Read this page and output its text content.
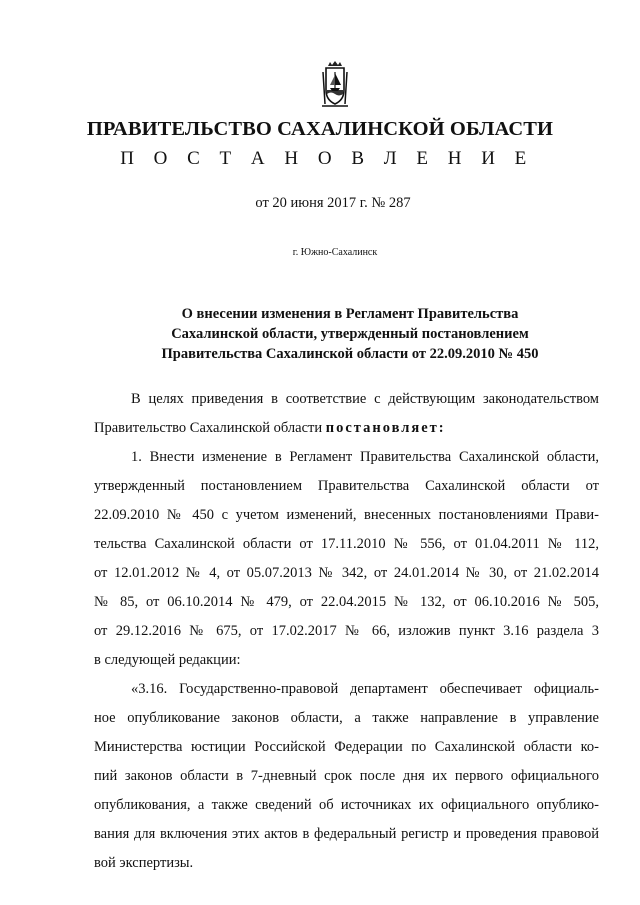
ПРАВИТЕЛЬСТВО САХАЛИНСКОЙ ОБЛАСТИ
П О С Т А Н О В Л Е Н И Е
от 20 июня 2017 г. № 287
г. Южно-Сахалинск
О внесении изменения в Регламент Правительства
Сахалинской области, утвержденный постановлением
Правительства Сахалинской области от 22.09.2010 № 450
В целях приведения в соответствие с действующим законодательством
Правительство Сахалинской области постановляет:
1. Внести изменение в Регламент Правительства Сахалинской области,
утвержденный постановлением Правительства Сахалинской области от
22.09.2010 № 450 с учетом изменений, внесенных постановлениями Прави-
тельства Сахалинской области от 17.11.2010 № 556, от 01.04.2011 № 112,
от 12.01.2012 № 4, от 05.07.2013 № 342, от 24.01.2014 № 30, от 21.02.2014
№ 85, от 06.10.2014 № 479, от 22.04.2015 № 132, от 06.10.2016 № 505,
от 29.12.2016 № 675, от 17.02.2017 № 66, изложив пункт 3.16 раздела 3
в следующей редакции:
«3.16. Государственно-правовой департамент обеспечивает официаль-
ное опубликование законов области, а также направление в управление
Министерства юстиции Российской Федерации по Сахалинской области ко-
пий законов области в 7-дневный срок после дня их первого официального
опубликования, а также сведений об источниках их официального опублико-
вания для включения этих актов в федеральный регистр и проведения правовой
вой экспертизы.
